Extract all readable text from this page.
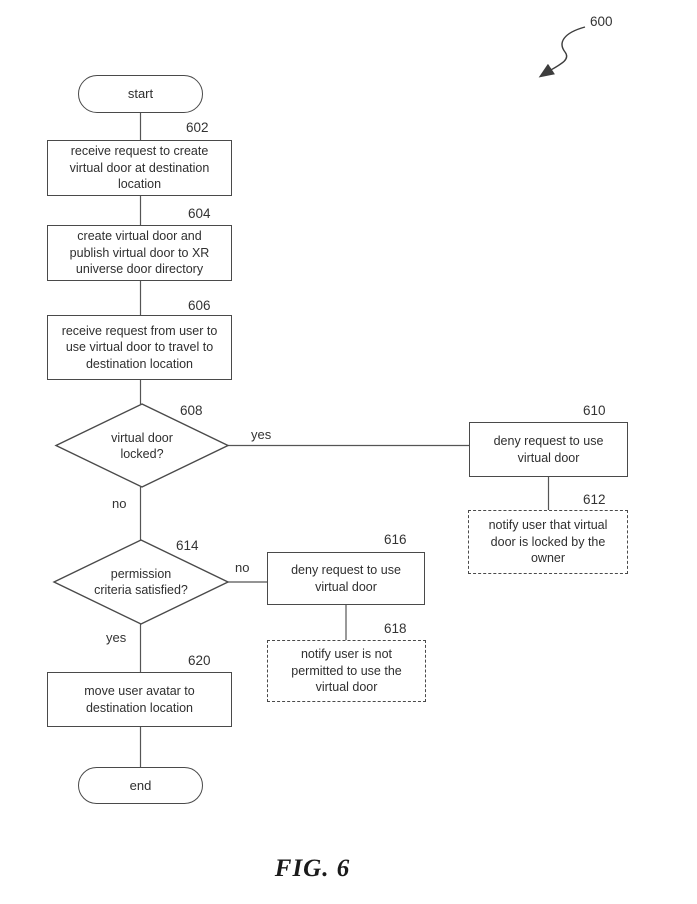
start
receive request to create virtual door at destination location
create virtual door and publish virtual door to XR universe door directory
receive request from user to use virtual door to travel to destination location
virtual door locked?
deny request to use virtual door
notify user that virtual door is locked by the owner
permission criteria satisfied?
deny request to use virtual door
notify user is not permitted to use the virtual door
move user avatar to destination location
end
600
602
604
606
608	610
612
614	616
618
620
yes
no
no
yes
FIG. 6
